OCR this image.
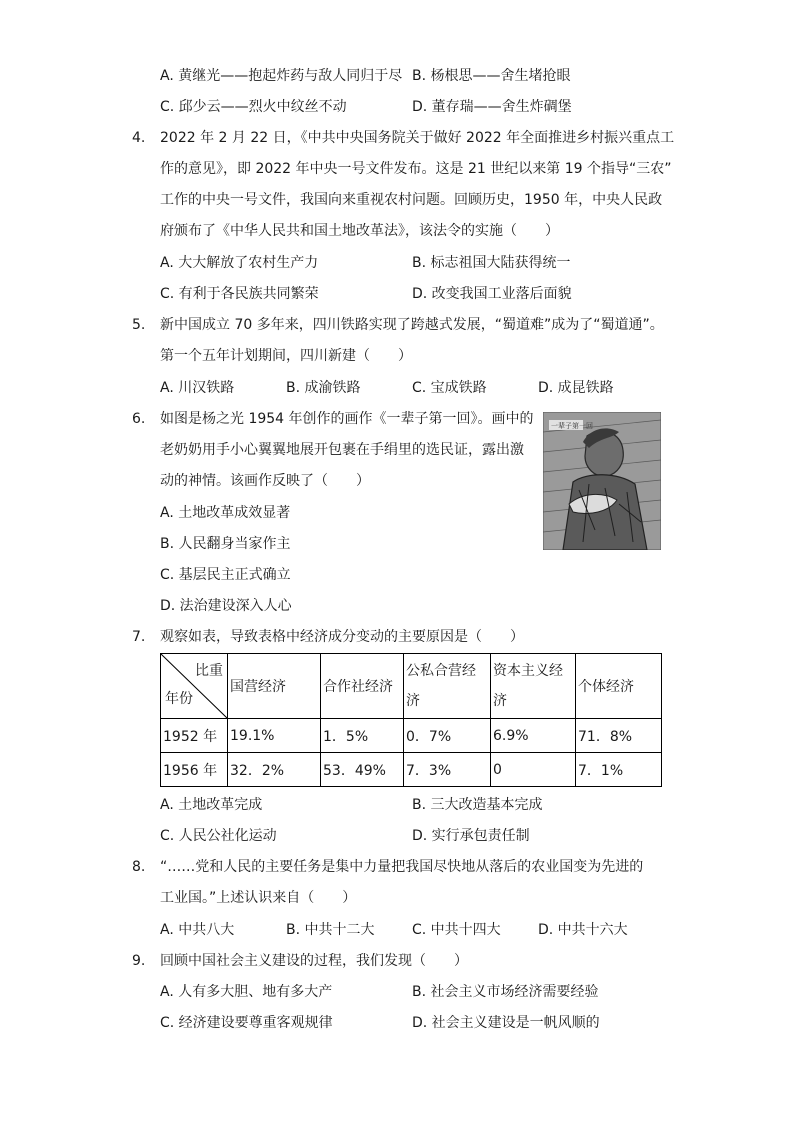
A. 黄继光——抱起炸药与敌人同归于尽 B. 杨根思——舍生堵抢眼
C. 邱少云——烈火中纹丝不动	D. 董存瑞——舍生炸碉堡
4. 2022 年 2 月 22 日，《中共中央国务院关于做好 2022 年全面推进乡村振兴重点工
作的意见》，即 2022 年中央一号文件发布。这是 21 世纪以来第 19 个指导“三农”
工作的中央一号文件，我国向来重视农村问题。回顾历史，1950 年，中央人民政
府颁布了《中华人民共和国土地改革法》，该法令的实施（　　）
A. 大大解放了农村生产力	B. 标志祖国大陆获得统一
C. 有利于各民族共同繁荣	D. 改变我国工业落后面貌
5. 新中国成立 70 多年来，四川铁路实现了跨越式发展，“蜀道难”成为了“蜀道通”。
第一个五年计划期间，四川新建（　　）
A. 川汉铁路	B. 成渝铁路	C. 宝成铁路	D. 成昆铁路
6. 如图是杨之光 1954 年创作的画作《一辈子第一回》。画中的
老奶奶用手小心翼翼地展开包裹在手绢里的选民证，露出激
动的神情。该画作反映了（　　）
A. 土地改革成效显著
B. 人民翻身当家作主
C. 基层民主正式确立
D. 法治建设深入人心
一辈子第一回
7. 观察如表，导致表格中经济成分变动的主要原因是（　　）
比重
年份	国营经济	合作社经济	公私合营经
济	资本主义经
济	个体经济
1952 年	19.1%	1．5%	0．7%	6.9%	71．8%
1956 年	32．2%	53．49%	7．3%	0	7．1%
A. 土地改革完成	B. 三大改造基本完成
C. 人民公社化运动	D. 实行承包责任制
8. “……党和人民的主要任务是集中力量把我国尽快地从落后的农业国变为先进的
工业国。”上述认识来自（　　）
A. 中共八大	B. 中共十二大	C. 中共十四大	D. 中共十六大
9. 回顾中国社会主义建设的过程，我们发现（　　）
A. 人有多大胆、地有多大产	B. 社会主义市场经济需要经验
C. 经济建设要尊重客观规律	D. 社会主义建设是一帆风顺的
